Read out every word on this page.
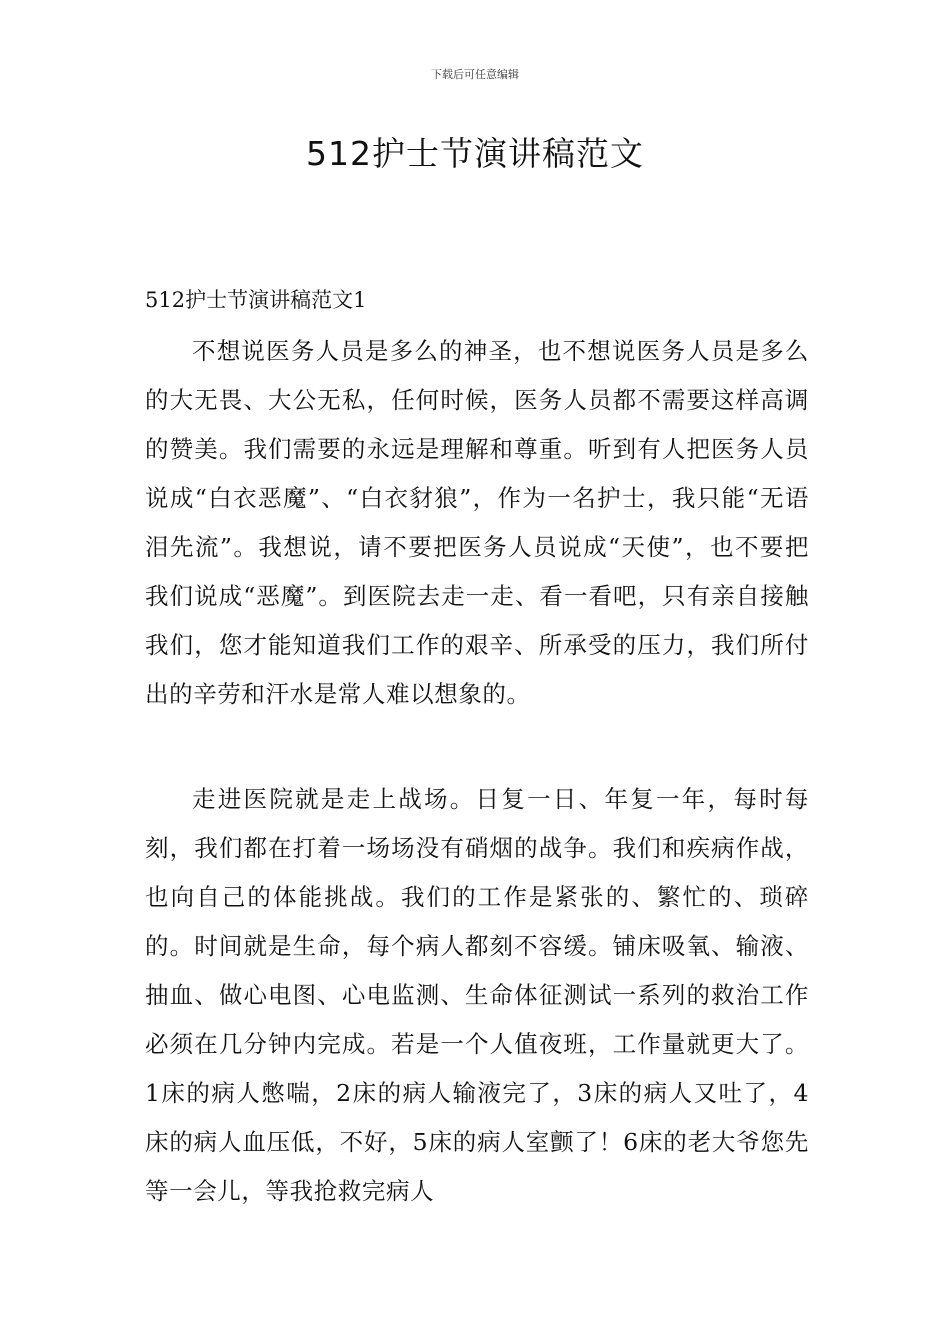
下载后可任意编辑
512护士节演讲稿范文
512护士节演讲稿范文1

不想说医务人员是多么的神圣，也不想说医务人员是多么的大无畏、大公无私，任何时候，医务人员都不需要这样高调的赞美。我们需要的永远是理解和尊重。听到有人把医务人员说成“白衣恶魔”、“白衣豺狼”，作为一名护士，我只能“无语泪先流”。我想说，请不要把医务人员说成“天使”，也不要把我们说成“恶魔”。到医院去走一走、看一看吧，只有亲自接触我们，您才能知道我们工作的艰辛、所承受的压力，我们所付出的辛劳和汗水是常人难以想象的。

走进医院就是走上战场。日复一日、年复一年，每时每刻，我们都在打着一场场没有硝烟的战争。我们和疾病作战，也向自己的体能挑战。我们的工作是紧张的、繁忙的、琐碎的。时间就是生命，每个病人都刻不容缓。铺床吸氧、输液、抽血、做心电图、心电监测、生命体征测试一系列的救治工作必须在几分钟内完成。若是一个人值夜班，工作量就更大了。1床的病人憋喘，2床的病人输液完了，3床的病人又吐了，4床的病人血压低，不好，5床的病人室颤了！6床的老大爷您先等一会儿，等我抢救完病人
